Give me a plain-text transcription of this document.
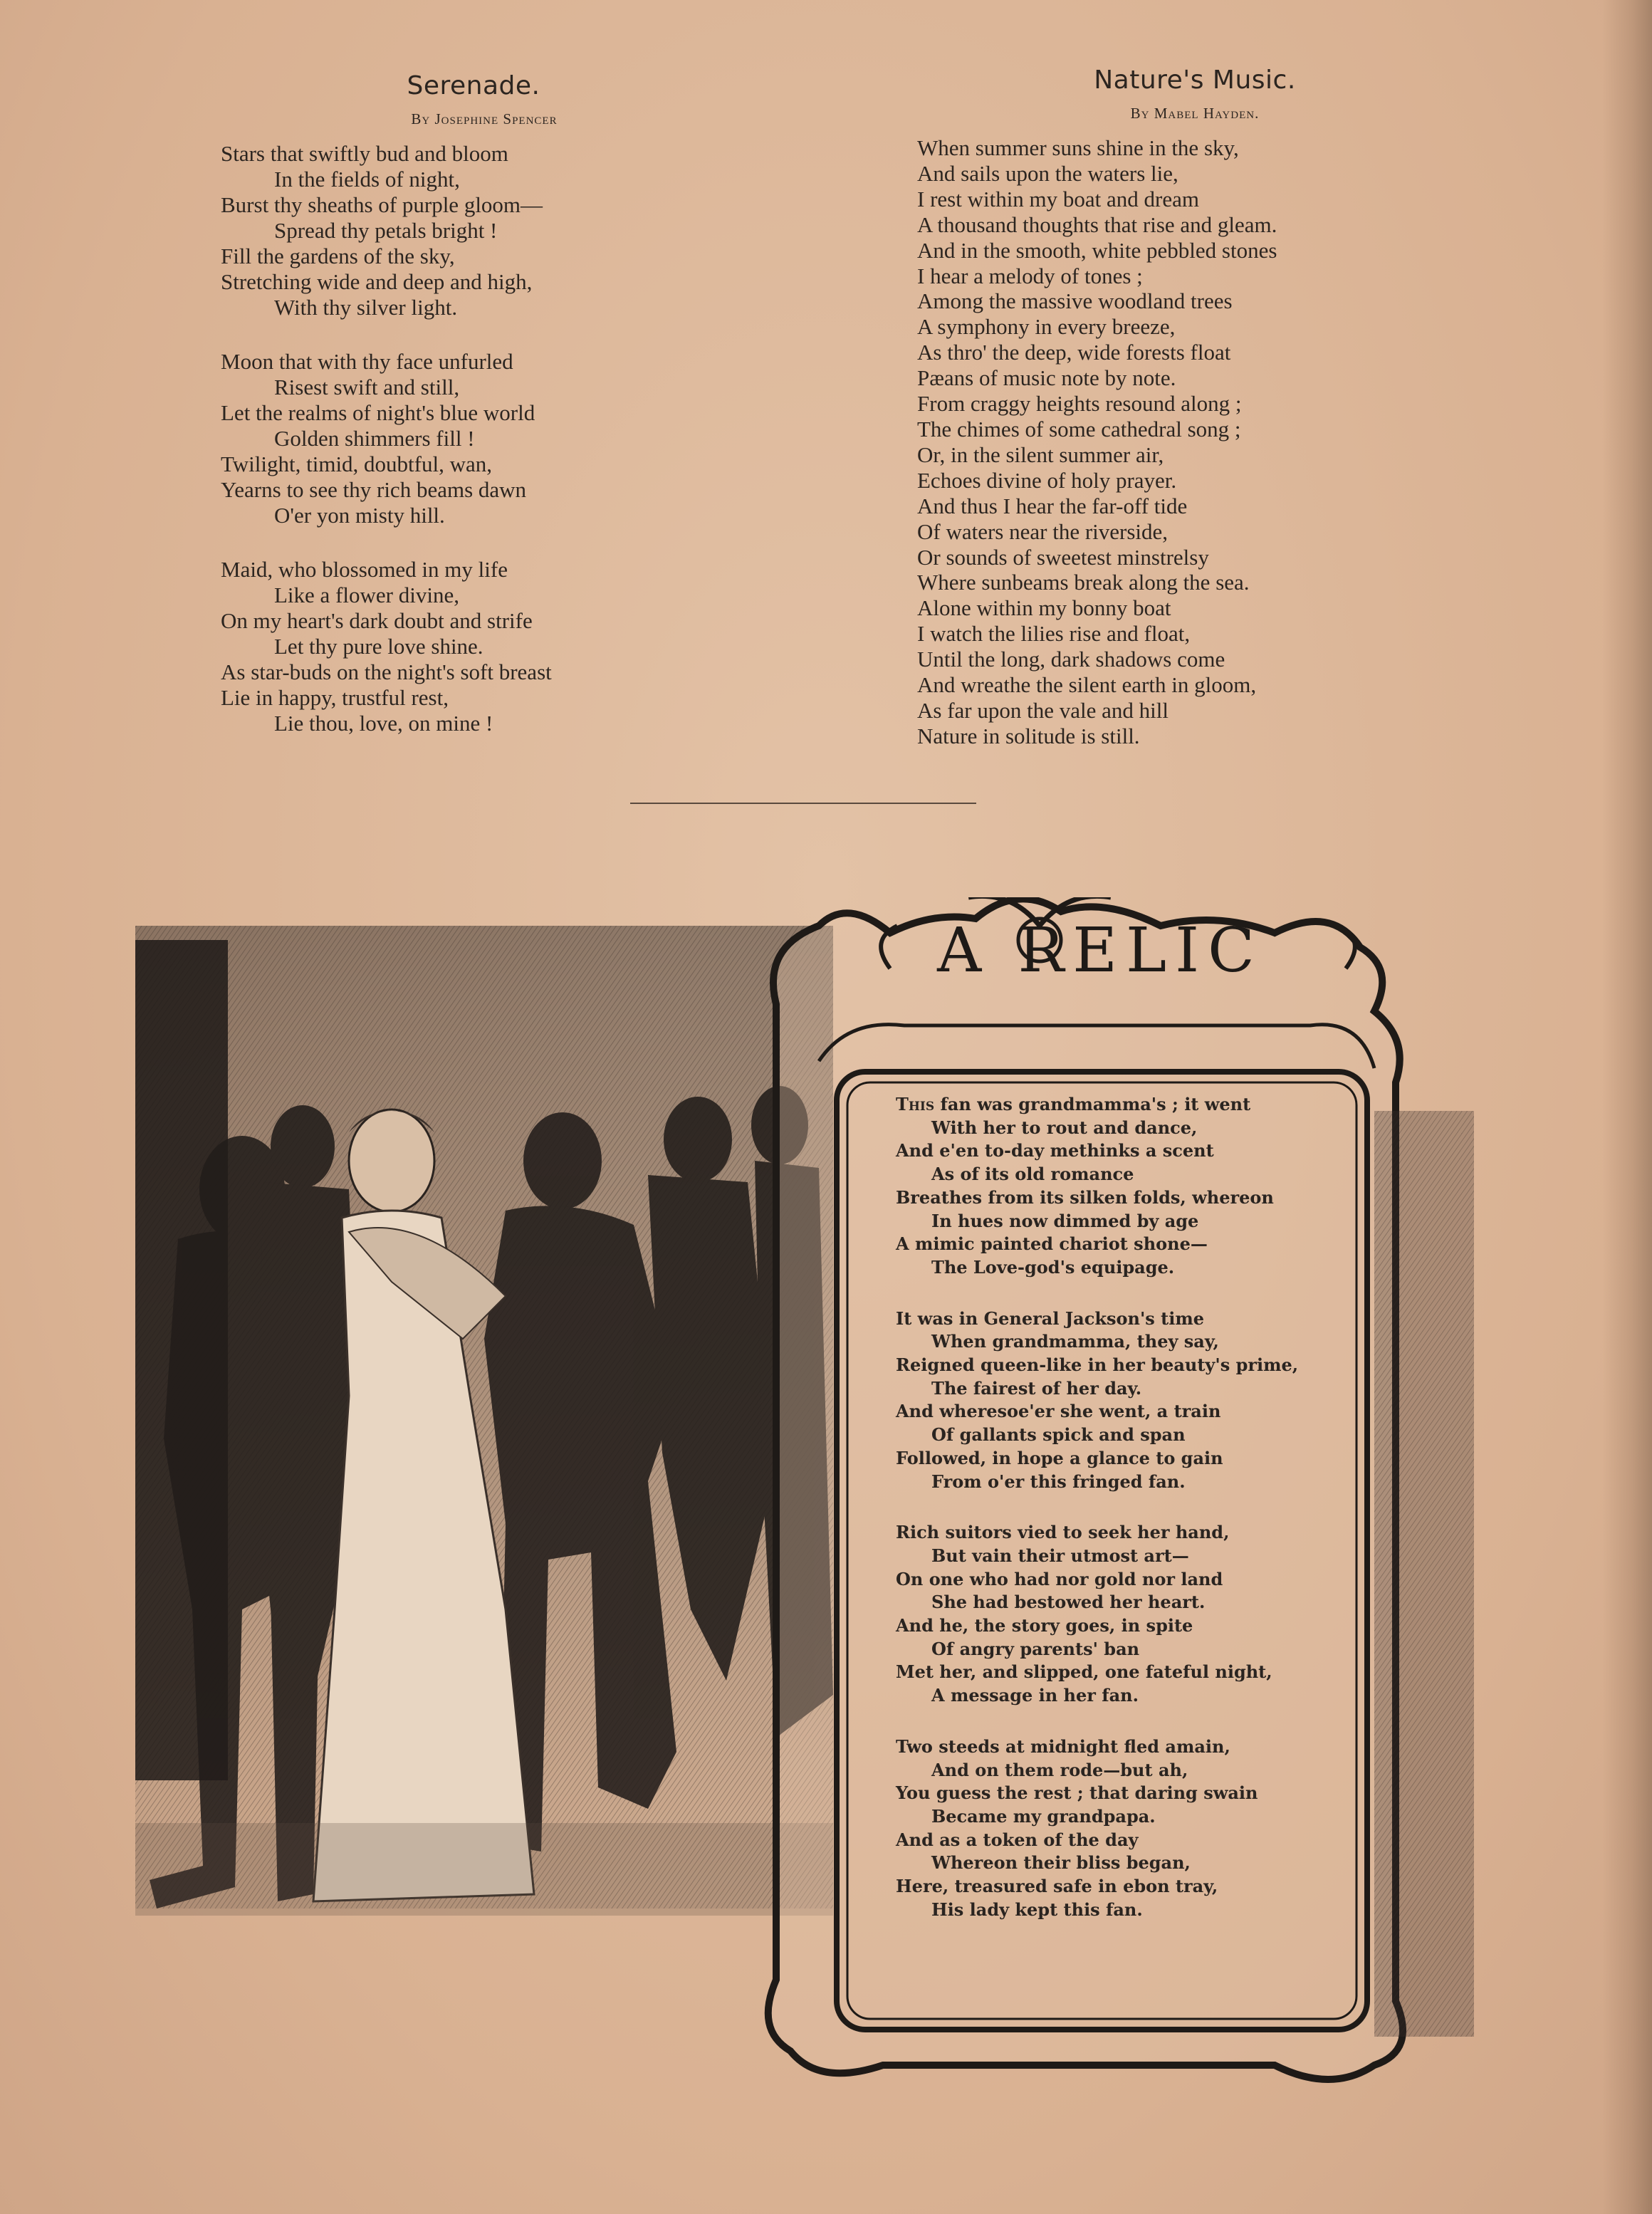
Serenade.
By Josephine Spencer
Stars that swiftly bud and bloom
In the fields of night,
Burst thy sheaths of purple gloom—
Spread thy petals bright !
Fill the gardens of the sky,
Stretching wide and deep and high,
With thy silver light.
Moon that with thy face unfurled
Risest swift and still,
Let the realms of night's blue world
Golden shimmers fill !
Twilight, timid, doubtful, wan,
Yearns to see thy rich beams dawn
O'er yon misty hill.
Maid, who blossomed in my life
Like a flower divine,
On my heart's dark doubt and strife
Let thy pure love shine.
As star-buds on the night's soft breast
Lie in happy, trustful rest,
Lie thou, love, on mine !
Nature's Music.
By Mabel Hayden.
When summer suns shine in the sky,
And sails upon the waters lie,
I rest within my boat and dream
A thousand thoughts that rise and gleam.
And in the smooth, white pebbled stones
I hear a melody of tones ;
Among the massive woodland trees
A symphony in every breeze,
As thro' the deep, wide forests float
Pæans of music note by note.
From craggy heights resound along ;
The chimes of some cathedral song ;
Or, in the silent summer air,
Echoes divine of holy prayer.
And thus I hear the far-off tide
Of waters near the riverside,
Or sounds of sweetest minstrelsy
Where sunbeams break along the sea.
Alone within my bonny boat
I watch the lilies rise and float,
Until the long, dark shadows come
And wreathe the silent earth in gloom,
As far upon the vale and hill
Nature in solitude is still.
A RELIC
This fan was grandmamma's ; it went
With her to rout and dance,
And e'en to-day methinks a scent
As of its old romance
Breathes from its silken folds, whereon
In hues now dimmed by age
A mimic painted chariot shone—
The Love-god's equipage.
It was in General Jackson's time
When grandmamma, they say,
Reigned queen-like in her beauty's prime,
The fairest of her day.
And wheresoe'er she went, a train
Of gallants spick and span
Followed, in hope a glance to gain
From o'er this fringed fan.
Rich suitors vied to seek her hand,
But vain their utmost art—
On one who had nor gold nor land
She had bestowed her heart.
And he, the story goes, in spite
Of angry parents' ban
Met her, and slipped, one fateful night,
A message in her fan.
Two steeds at midnight fled amain,
And on them rode—but ah,
You guess the rest ; that daring swain
Became my grandpapa.
And as a token of the day
Whereon their bliss began,
Here, treasured safe in ebon tray,
His lady kept this fan.
